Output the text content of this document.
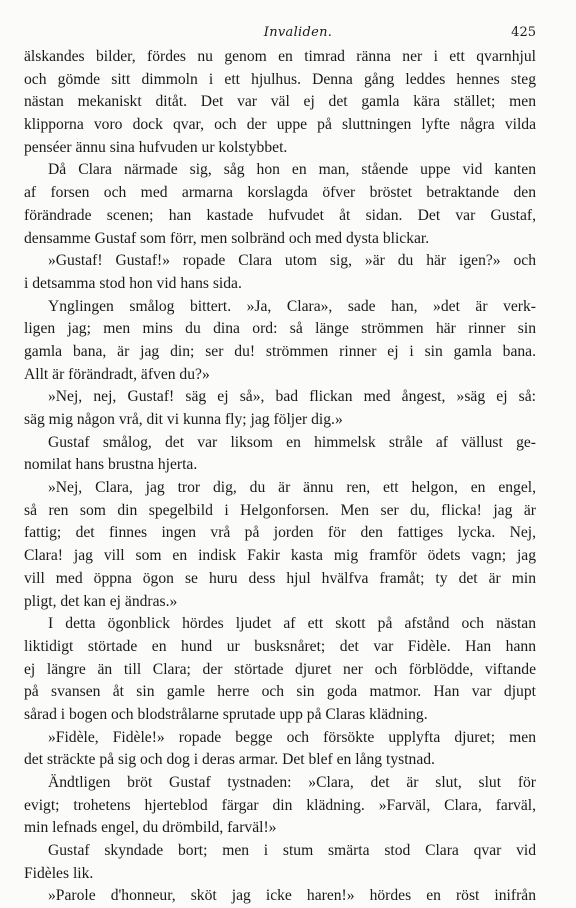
Invaliden.	425
älskandes bilder, fördes nu genom en timrad ränna ner i ett qvarnhjul
och gömde sitt dimmoln i ett hjulhus. Denna gång leddes hennes steg
nästan mekaniskt ditåt. Det var väl ej det gamla kära stället; men
klipporna voro dock qvar, och der uppe på sluttningen lyfte några vilda
penséer ännu sina hufvuden ur kolstybbet.
Då Clara närmade sig, såg hon en man, stående uppe vid kanten
af forsen och med armarna korslagda öfver bröstet betraktande den
förändrade scenen; han kastade hufvudet åt sidan. Det var Gustaf,
densamme Gustaf som förr, men solbränd och med dysta blickar.
»Gustaf! Gustaf!» ropade Clara utom sig, »är du här igen?» och
i detsamma stod hon vid hans sida.
Ynglingen smålog bittert. »Ja, Clara», sade han, »det är verk-
ligen jag; men mins du dina ord: så länge strömmen här rinner sin
gamla bana, är jag din; ser du! strömmen rinner ej i sin gamla bana.
Allt är förändradt, äfven du?»
»Nej, nej, Gustaf! säg ej så», bad flickan med ångest, »säg ej så:
säg mig någon vrå, dit vi kunna fly; jag följer dig.»
Gustaf smålog, det var liksom en himmelsk stråle af vällust ge-
nomilat hans brustna hjerta.
»Nej, Clara, jag tror dig, du är ännu ren, ett helgon, en engel,
så ren som din spegelbild i Helgonforsen. Men ser du, flicka! jag är
fattig; det finnes ingen vrå på jorden för den fattiges lycka. Nej,
Clara! jag vill som en indisk Fakir kasta mig framför ödets vagn; jag
vill med öppna ögon se huru dess hjul hvälfva framåt; ty det är min
pligt, det kan ej ändras.»
I detta ögonblick hördes ljudet af ett skott på afstånd och nästan
liktidigt störtade en hund ur busksnåret; det var Fidèle. Han hann
ej längre än till Clara; der störtade djuret ner och förblödde, viftande
på svansen åt sin gamle herre och sin goda matmor. Han var djupt
sårad i bogen och blodstrålarne sprutade upp på Claras klädning.
»Fidèle, Fidèle!» ropade begge och försökte upplyfta djuret; men
det sträckte på sig och dog i deras armar. Det blef en lång tystnad.
Ändtligen bröt Gustaf tystnaden: »Clara, det är slut, slut för
evigt; trohetens hjerteblod färgar din klädning. »Farväl, Clara, farväl,
min lefnads engel, du drömbild, farväl!»
Gustaf skyndade bort; men i stum smärta stod Clara qvar vid
Fidèles lik.
»Parole d'honneur, sköt jag icke haren!» hördes en röst inifrån
